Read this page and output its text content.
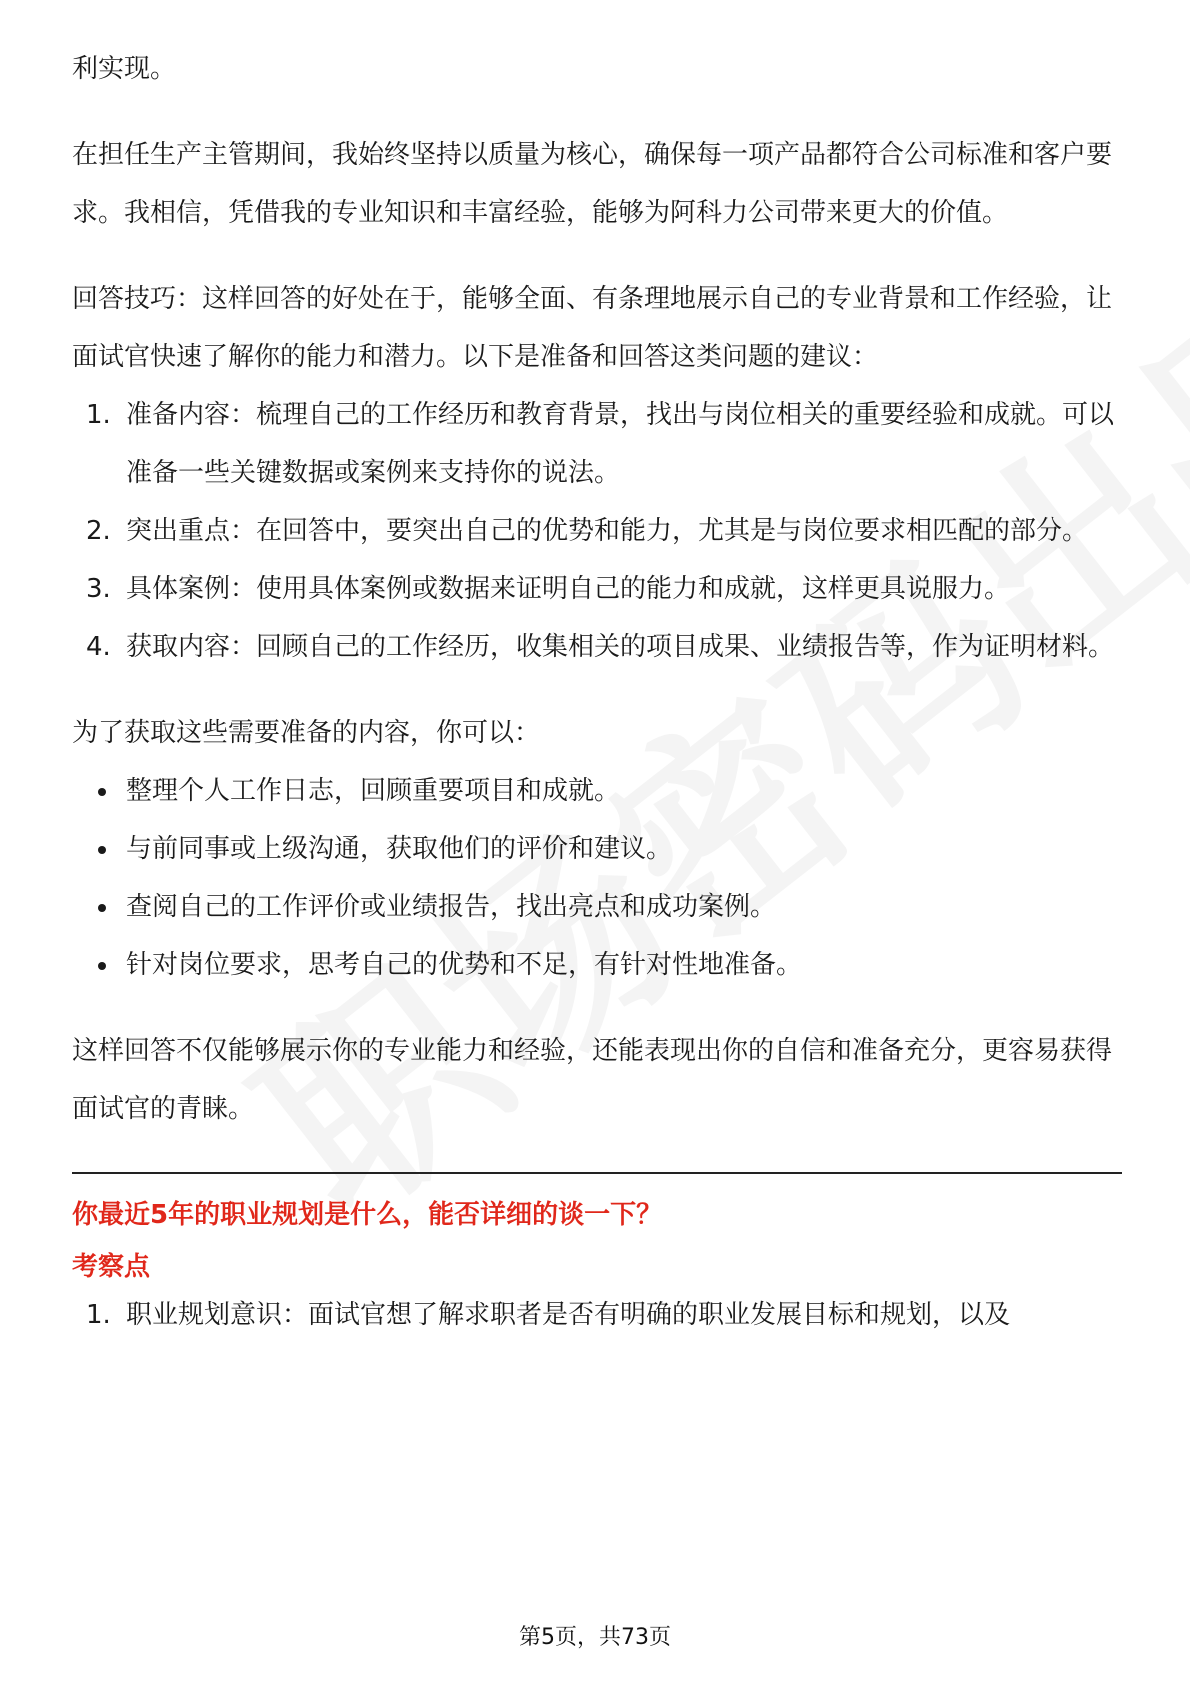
利实现。

在担任生产主管期间，我始终坚持以质量为核心，确保每一项产品都符合公司标准和客户要求。我相信，凭借我的专业知识和丰富经验，能够为阿科力公司带来更大的价值。

回答技巧：这样回答的好处在于，能够全面、有条理地展示自己的专业背景和工作经验，让面试官快速了解你的能力和潜力。以下是准备和回答这类问题的建议：

1. 准备内容：梳理自己的工作经历和教育背景，找出与岗位相关的重要经验和成就。可以准备一些关键数据或案例来支持你的说法。
2. 突出重点：在回答中，要突出自己的优势和能力，尤其是与岗位要求相匹配的部分。
3. 具体案例：使用具体案例或数据来证明自己的能力和成就，这样更具说服力。
4. 获取内容：回顾自己的工作经历，收集相关的项目成果、业绩报告等，作为证明材料。

为了获取这些需要准备的内容，你可以：

整理个人工作日志，回顾重要项目和成就。
与前同事或上级沟通，获取他们的评价和建议。
查阅自己的工作评价或业绩报告，找出亮点和成功案例。
针对岗位要求，思考自己的优势和不足，有针对性地准备。

这样回答不仅能够展示你的专业能力和经验，还能表现出你的自信和准备充分，更容易获得面试官的青睐。

你最近5年的职业规划是什么，能否详细的谈一下？
考察点
1. 职业规划意识：面试官想了解求职者是否有明确的职业发展目标和规划，以及
第5页，共73页
